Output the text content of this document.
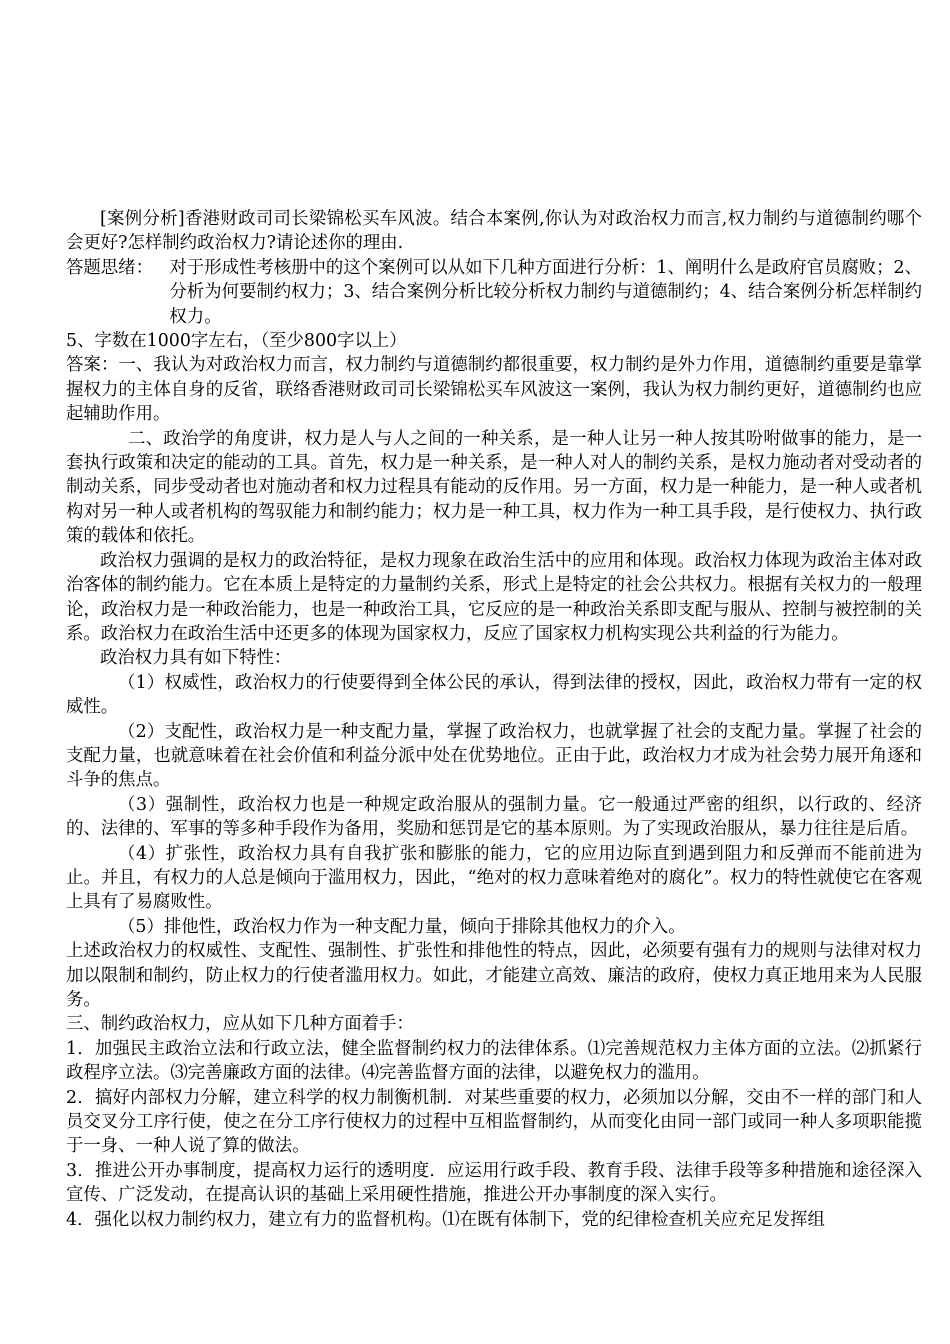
[案例分析]香港财政司司长梁锦松买车风波。结合本案例,你认为对政治权力而言,权力制约与道德制约哪个会更好?怎样制约政治权力?请论述你的理由.

答题思绪： 对于形成性考核册中的这个案例可以从如下几种方面进行分析：1、阐明什么是政府官员腐败；2、分析为何要制约权力；3、结合案例分析比较分析权力制约与道德制约；4、结合案例分析怎样制约权力。

5、字数在1000字左右，（至少800字以上）

答案：一、我认为对政治权力而言，权力制约与道德制约都很重要，权力制约是外力作用，道德制约重要是靠掌握权力的主体自身的反省，联络香港财政司司长梁锦松买车风波这一案例，我认为权力制约更好，道德制约也应起辅助作用。

二、政治学的角度讲，权力是人与人之间的一种关系，是一种人让另一种人按其吩咐做事的能力，是一套执行政策和决定的能动的工具。首先，权力是一种关系，是一种人对人的制约关系，是权力施动者对受动者的制动关系，同步受动者也对施动者和权力过程具有能动的反作用。另一方面，权力是一种能力，是一种人或者机构对另一种人或者机构的驾驭能力和制约能力；权力是一种工具，权力作为一种工具手段，是行使权力、执行政策的载体和依托。

政治权力强调的是权力的政治特征，是权力现象在政治生活中的应用和体现。政治权力体现为政治主体对政治客体的制约能力。它在本质上是特定的力量制约关系，形式上是特定的社会公共权力。根据有关权力的一般理论，政治权力是一种政治能力，也是一种政治工具，它反应的是一种政治关系即支配与服从、控制与被控制的关系。政治权力在政治生活中还更多的体现为国家权力，反应了国家权力机构实现公共利益的行为能力。

政治权力具有如下特性：

（1）权威性，政治权力的行使要得到全体公民的承认，得到法律的授权，因此，政治权力带有一定的权威性。

（2）支配性，政治权力是一种支配力量，掌握了政治权力，也就掌握了社会的支配力量。掌握了社会的支配力量，也就意味着在社会价值和利益分派中处在优势地位。正由于此，政治权力才成为社会势力展开角逐和斗争的焦点。

（3）强制性，政治权力也是一种规定政治服从的强制力量。它一般通过严密的组织，以行政的、经济的、法律的、军事的等多种手段作为备用，奖励和惩罚是它的基本原则。为了实现政治服从，暴力往往是后盾。

（4）扩张性，政治权力具有自我扩张和膨胀的能力，它的应用边际直到遇到阻力和反弹而不能前进为止。并且，有权力的人总是倾向于滥用权力，因此，“绝对的权力意味着绝对的腐化”。权力的特性就使它在客观上具有了易腐败性。

（5）排他性，政治权力作为一种支配力量，倾向于排除其他权力的介入。

上述政治权力的权威性、支配性、强制性、扩张性和排他性的特点，因此，必须要有强有力的规则与法律对权力加以限制和制约，防止权力的行使者滥用权力。如此，才能建立高效、廉洁的政府，使权力真正地用来为人民服务。

三、制约政治权力，应从如下几种方面着手：

1．加强民主政治立法和行政立法，健全监督制约权力的法律体系。⑴完善规范权力主体方面的立法。⑵抓紧行政程序立法。⑶完善廉政方面的法律。⑷完善监督方面的法律，以避免权力的滥用。

2．搞好内部权力分解，建立科学的权力制衡机制．对某些重要的权力，必须加以分解，交由不一样的部门和人员交叉分工序行使，使之在分工序行使权力的过程中互相监督制约，从而变化由同一部门或同一种人多项职能揽于一身、一种人说了算的做法。

3．推进公开办事制度，提高权力运行的透明度．应运用行政手段、教育手段、法律手段等多种措施和途径深入宣传、广泛发动，在提高认识的基础上采用硬性措施，推进公开办事制度的深入实行。

4．强化以权力制约权力，建立有力的监督机构。⑴在既有体制下，党的纪律检查机关应充足发挥组
